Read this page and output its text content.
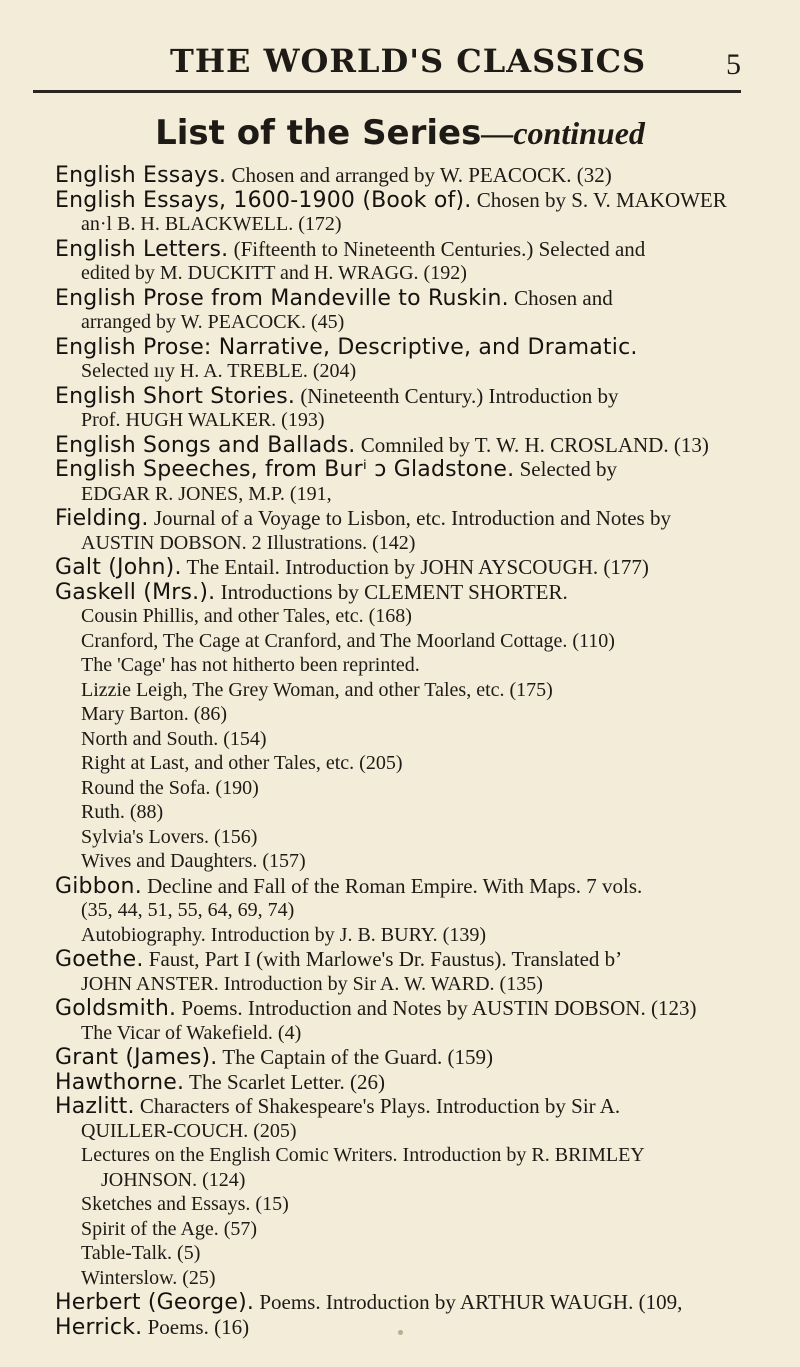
THE WORLD'S CLASSICS	5
List of the Series—continued
English Essays. Chosen and arranged by W. PEACOCK. (32)
English Essays, 1600-1900 (Book of). Chosen by S. V. MAKOWER
an·l B. H. BLACKWELL. (172)
English Letters. (Fifteenth to Nineteenth Centuries.) Selected and
edited by M. DUCKITT and H. WRAGG. (192)
English Prose from Mandeville to Ruskin. Chosen and
arranged by W. PEACOCK. (45)
English Prose: Narrative, Descriptive, and Dramatic.
Selected ııy H. A. TREBLE. (204)
English Short Stories. (Nineteenth Century.) Introduction by
Prof. HUGH WALKER. (193)
English Songs and Ballads. Comniled by T. W. H. CROSLAND. (13)
English Speeches, from Burⁱ ɔ Gladstone. Selected by
EDGAR R. JONES, M.P. (191,
Fielding. Journal of a Voyage to Lisbon, etc. Introduction and Notes by
AUSTIN DOBSON. 2 Illustrations. (142)
Galt (John). The Entail. Introduction by JOHN AYSCOUGH. (177)
Gaskell (Mrs.). Introductions by CLEMENT SHORTER.
Cousin Phillis, and other Tales, etc. (168)
Cranford, The Cage at Cranford, and The Moorland Cottage. (110)
The 'Cage' has not hitherto been reprinted.
Lizzie Leigh, The Grey Woman, and other Tales, etc. (175)
Mary Barton. (86)
North and South. (154)
Right at Last, and other Tales, etc. (205)
Round the Sofa. (190)
Ruth. (88)
Sylvia's Lovers. (156)
Wives and Daughters. (157)
Gibbon. Decline and Fall of the Roman Empire. With Maps. 7 vols.
(35, 44, 51, 55, 64, 69, 74)
Autobiography. Introduction by J. B. BURY. (139)
Goethe. Faust, Part I (with Marlowe's Dr. Faustus). Translated bʼ
JOHN ANSTER. Introduction by Sir A. W. WARD. (135)
Goldsmith. Poems. Introduction and Notes by AUSTIN DOBSON. (123)
The Vicar of Wakefield. (4)
Grant (James). The Captain of the Guard. (159)
Hawthorne. The Scarlet Letter. (26)
Hazlitt. Characters of Shakespeare's Plays. Introduction by Sir A.
QUILLER-COUCH. (205)
Lectures on the English Comic Writers. Introduction by R. BRIMLEY
JOHNSON. (124)
Sketches and Essays. (15)
Spirit of the Age. (57)
Table-Talk. (5)
Winterslow. (25)
Herbert (George). Poems. Introduction by ARTHUR WAUGH. (109,
Herrick. Poems. (16)
